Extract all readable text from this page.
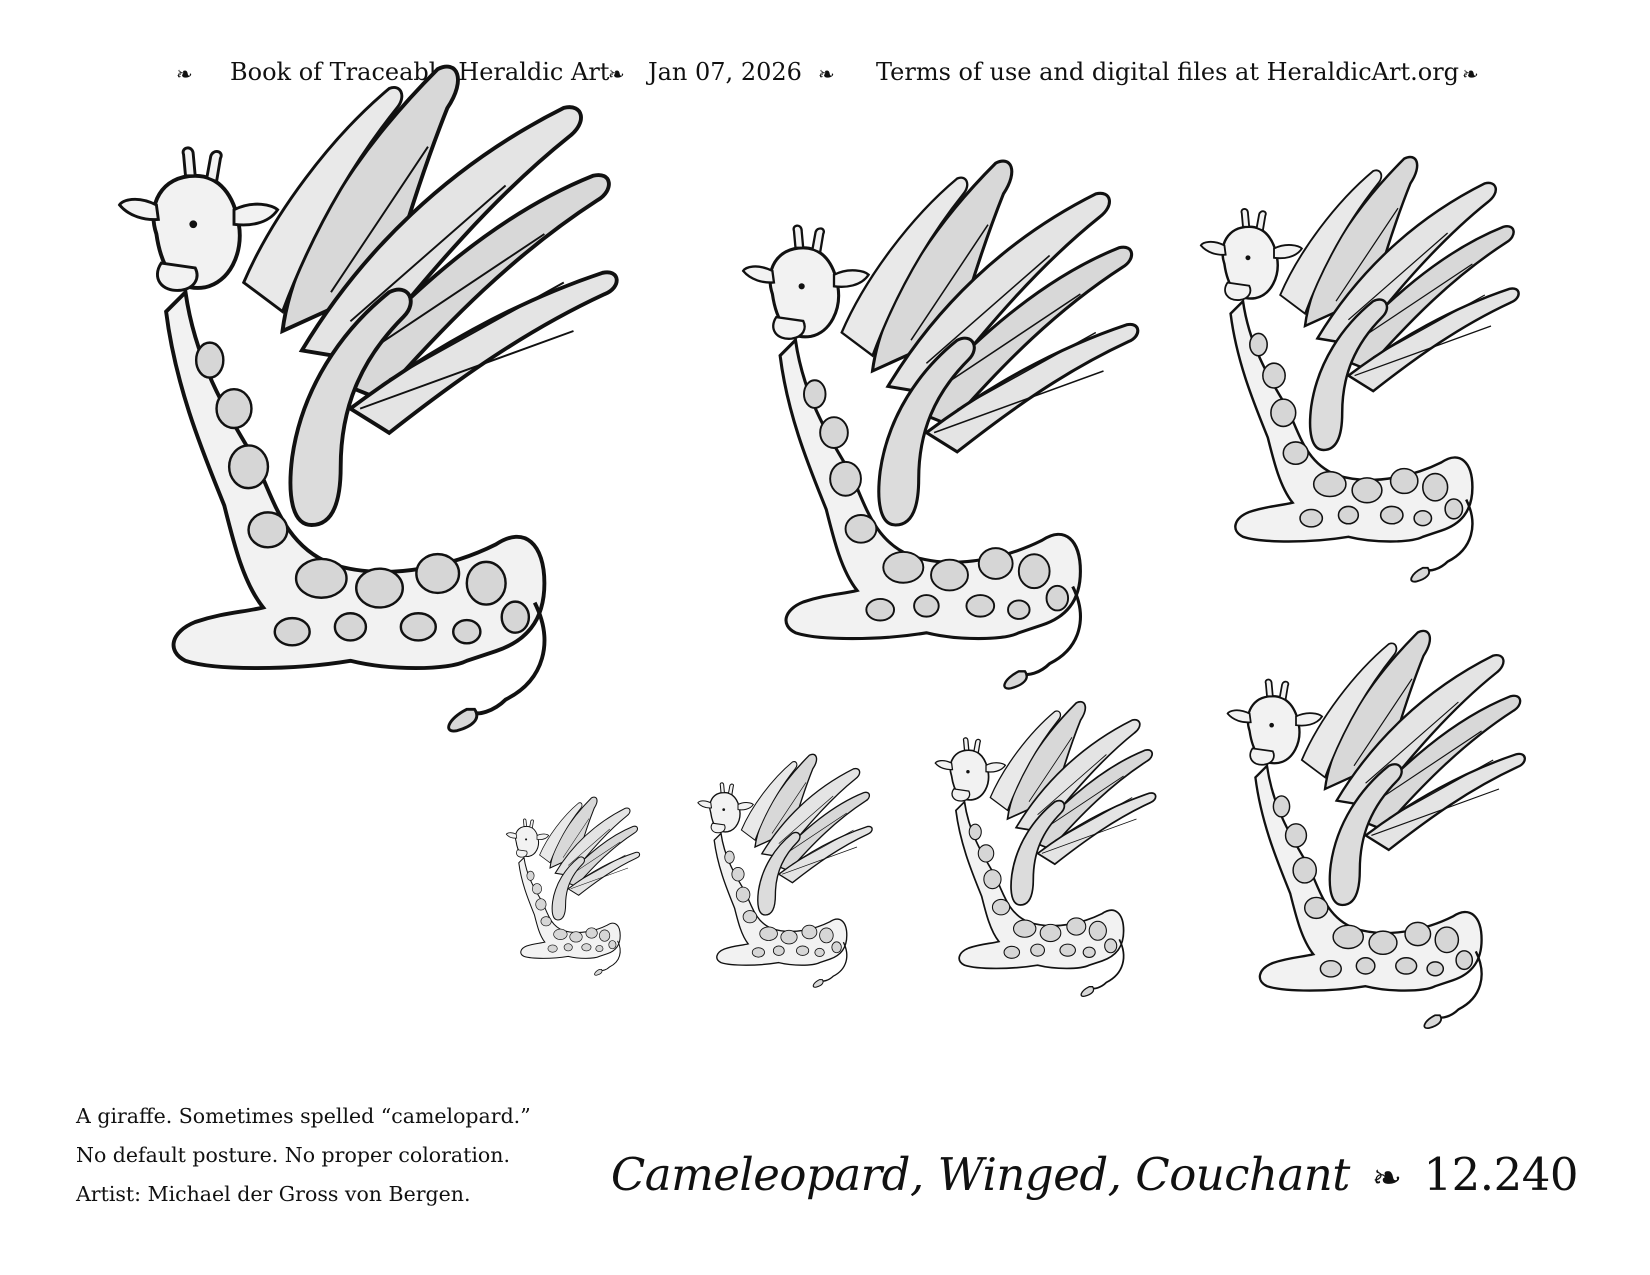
❧ Book of Traceable Heraldic Art
❧ Jan 07, 2026 ❧ Terms of use and digital files at HeraldicArt.org ❧
A giraffe. Sometimes spelled “camelopard.”
No default posture. No proper coloration.
Artist: Michael der Gross von Bergen.	Cameleopard, Winged, Couchant ❧ 12.240
